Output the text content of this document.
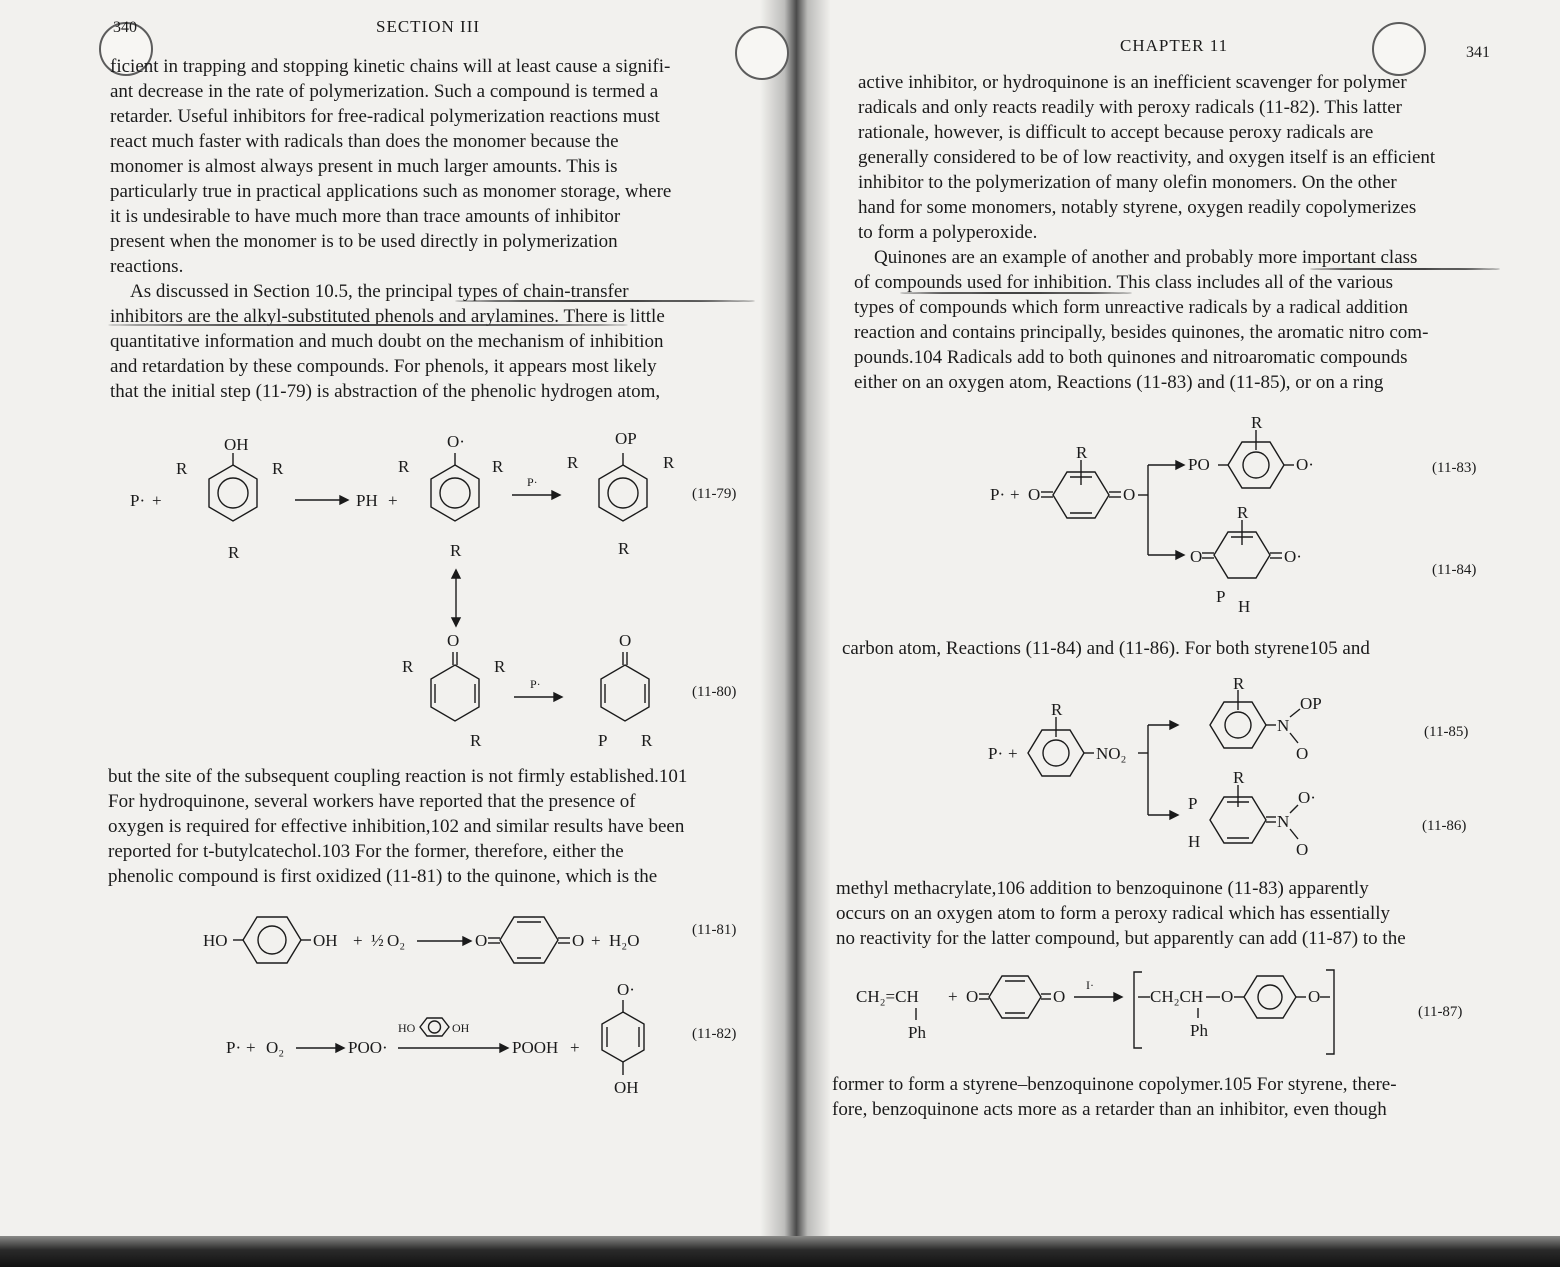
340	SECTION III
ficient in trapping and stopping kinetic chains will at least cause a signifi-
ant decrease in the rate of polymerization. Such a compound is termed a
retarder. Useful inhibitors for free-radical polymerization reactions must
react much faster with radicals than does the monomer because the
monomer is almost always present in much larger amounts. This is
particularly true in practical applications such as monomer storage, where
it is undesirable to have much more than trace amounts of inhibitor
present when the monomer is to be used directly in polymerization
reactions.
As discussed in Section 10.5, the principal types of chain-transfer
inhibitors are the alkyl-substituted phenols and arylamines. There is little
quantitative information and much doubt on the mechanism of inhibition
and retardation by these compounds. For phenols, it appears most likely
that the initial step (11-79) is abstraction of the phenolic hydrogen atom,
P· +
OH
R	R
R
PH +
O·
R	R
R
P·
OP
R	R
R
(11-79)
O
R	R
R
P·
O
P R
(11-80)
but the site of the subsequent coupling reaction is not firmly established.101
For hydroquinone, several workers have reported that the presence of
oxygen is required for effective inhibition,102 and similar results have been
reported for t-butylcatechol.103 For the former, therefore, either the
phenolic compound is first oxidized (11-81) to the quinone, which is the
HO	OH + ½ O₂	O	O + H₂O
(11-81)
P· + O₂	POO·
HO	OH
POOH +
O·
OH
(11-82)
CHAPTER 11	341
active inhibitor, or hydroquinone is an inefficient scavenger for polymer
radicals and only reacts readily with peroxy radicals (11-82). This latter
rationale, however, is difficult to accept because peroxy radicals are
generally considered to be of low reactivity, and oxygen itself is an efficient
inhibitor to the polymerization of many olefin monomers. On the other
hand for some monomers, notably styrene, oxygen readily copolymerizes
to form a polyperoxide.
Quinones are an example of another and probably more important class
of compounds used for inhibition. This class includes all of the various
types of compounds which form unreactive radicals by a radical addition
reaction and contains principally, besides quinones, the aromatic nitro com-
pounds.104 Radicals add to both quinones and nitroaromatic compounds
either on an oxygen atom, Reactions (11-83) and (11-85), or on a ring
P· + O
R
O
PO
R
O·
O
R
O·
P
H
(11-83)
(11-84)
carbon atom, Reactions (11-84) and (11-86). For both styrene105 and
P· +
R
NO₂
R
N
OP
O
R
P
H
N
O·
O
(11-85)
(11-86)
methyl methacrylate,106 addition to benzoquinone (11-83) apparently
occurs on an oxygen atom to form a peroxy radical which has essentially
no reactivity for the latter compound, but apparently can add (11-87) to the
CH₂=CH
Ph
+ O	O
I·
CH₂CH
Ph
O	O
(11-87)
former to form a styrene–benzoquinone copolymer.105 For styrene, there-
fore, benzoquinone acts more as a retarder than an inhibitor, even though
